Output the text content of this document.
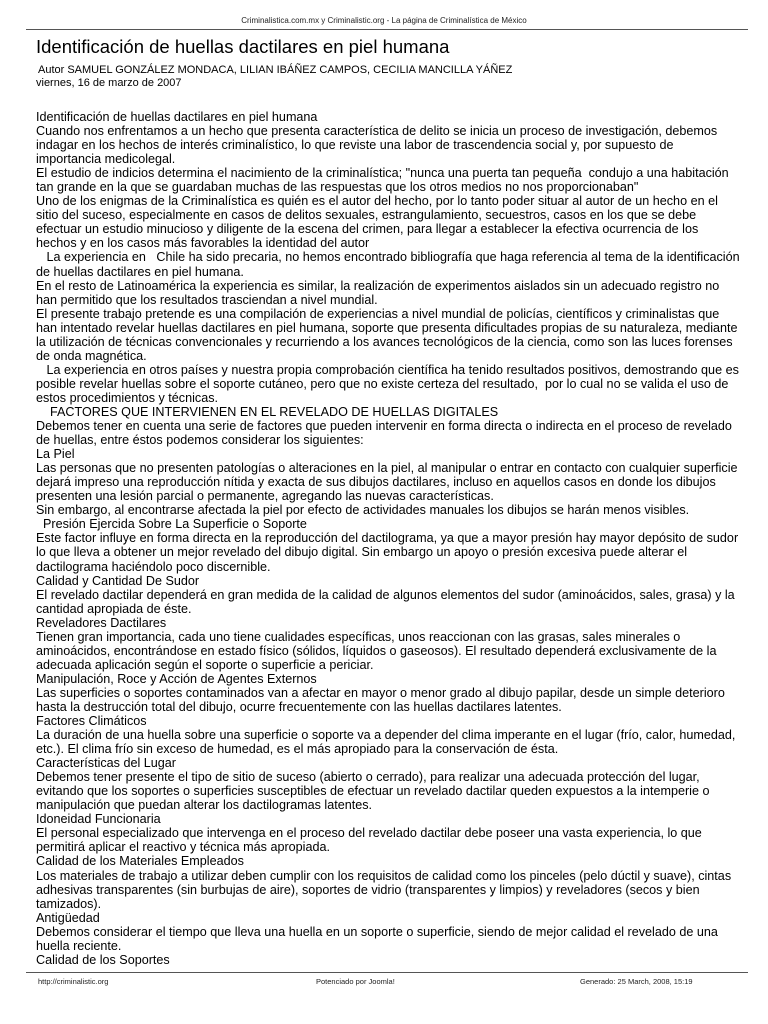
Criminalistica.com.mx y Criminalistic.org - La página de Criminalística de México
Identificación de huellas dactilares en piel humana
Autor SAMUEL GONZÁLEZ MONDACA, LILIAN IBÁÑEZ CAMPOS, CECILIA MANCILLA YÁÑEZ
viernes, 16 de marzo de 2007

Identificación de huellas dactilares en piel humana

Cuando nos enfrentamos a un hecho que presenta característica de delito se inicia un proceso de investigación, debemos indagar en los hechos de interés criminalístico, lo que reviste una labor de trascendencia social y, por supuesto de importancia medicolegal.

El estudio de indicios determina el nacimiento de la criminalística; "nunca una puerta tan pequeña  condujo a una habitación tan grande en la que se guardaban muchas de las respuestas que los otros medios no nos proporcionaban"

Uno de los enigmas de la Criminalística es quién es el autor del hecho, por lo tanto poder situar al autor de un hecho en el sitio del suceso, especialmente en casos de delitos sexuales, estrangulamiento, secuestros, casos en los que se debe efectuar un estudio minucioso y diligente de la escena del crimen, para llegar a establecer la efectiva ocurrencia de los hechos y en los casos más favorables la identidad del autor

La experiencia en   Chile ha sido precaria, no hemos encontrado bibliografía que haga referencia al tema de la identificación de huellas dactilares en piel humana.

En el resto de Latinoamérica la experiencia es similar, la realización de experimentos aislados sin un adecuado registro no han permitido que los resultados trasciendan a nivel mundial.

El presente trabajo pretende es una compilación de experiencias a nivel mundial de policías, científicos y criminalistas que han intentado revelar huellas dactilares en piel humana, soporte que presenta dificultades propias de su naturaleza, mediante la utilización de técnicas convencionales y recurriendo a los avances tecnológicos de la ciencia, como son las luces forenses de onda magnética.

La experiencia en otros países y nuestra propia comprobación científica ha tenido resultados positivos, demostrando que es posible revelar huellas sobre el soporte cutáneo, pero que no existe certeza del resultado,  por lo cual no se valida el uso de estos procedimientos y técnicas.

FACTORES QUE INTERVIENEN EN EL REVELADO DE HUELLAS DIGITALES

Debemos tener en cuenta una serie de factores que pueden intervenir en forma directa o indirecta en el proceso de revelado de huellas, entre éstos podemos considerar los siguientes:

La Piel

Las personas que no presenten patologías o alteraciones en la piel, al manipular o entrar en contacto con cualquier superficie dejará impreso una reproducción nítida y exacta de sus dibujos dactilares, incluso en aquellos casos en donde los dibujos presenten una lesión parcial o permanente, agregando las nuevas características.

Sin embargo, al encontrarse afectada la piel por efecto de actividades manuales los dibujos se harán menos visibles.

Presión Ejercida Sobre La Superficie o Soporte

Este factor influye en forma directa en la reproducción del dactilograma, ya que a mayor presión hay mayor depósito de sudor lo que lleva a obtener un mejor revelado del dibujo digital. Sin embargo un apoyo o presión excesiva puede alterar el dactilograma haciéndolo poco discernible.

Calidad y Cantidad De Sudor

El revelado dactilar dependerá en gran medida de la calidad de algunos elementos del sudor (aminoácidos, sales, grasa) y la cantidad apropiada de éste.

Reveladores Dactilares

Tienen gran importancia, cada uno tiene cualidades específicas, unos reaccionan con las grasas, sales minerales o aminoácidos, encontrándose en estado físico (sólidos, líquidos o gaseosos). El resultado dependerá exclusivamente de la adecuada aplicación según el soporte o superficie a periciar.

Manipulación, Roce y Acción de Agentes Externos

Las superficies o soportes contaminados van a afectar en mayor o menor grado al dibujo papilar, desde un simple deterioro hasta la destrucción total del dibujo, ocurre frecuentemente con las huellas dactilares latentes.

Factores Climáticos

La duración de una huella sobre una superficie o soporte va a depender del clima imperante en el lugar (frío, calor, humedad, etc.). El clima frío sin exceso de humedad, es el más apropiado para la conservación de ésta.

Características del Lugar

Debemos tener presente el tipo de sitio de suceso (abierto o cerrado), para realizar una adecuada protección del lugar, evitando que los soportes o superficies susceptibles de efectuar un revelado dactilar queden expuestos a la intemperie o manipulación que puedan alterar los dactilogramas latentes.

Idoneidad Funcionaria

El personal especializado que intervenga en el proceso del revelado dactilar debe poseer una vasta experiencia, lo que permitirá aplicar el reactivo y técnica más apropiada.

Calidad de los Materiales Empleados

Los materiales de trabajo a utilizar deben cumplir con los requisitos de calidad como los pinceles (pelo dúctil y suave), cintas adhesivas transparentes (sin burbujas de aire), soportes de vidrio (transparentes y limpios) y reveladores (secos y bien tamizados).

Antigüedad

Debemos considerar el tiempo que lleva una huella en un soporte o superficie, siendo de mejor calidad el revelado de una huella reciente.

Calidad de los Soportes

http://criminalistic.org	Potenciado por Joomla!	Generado: 25 March, 2008, 15:19
